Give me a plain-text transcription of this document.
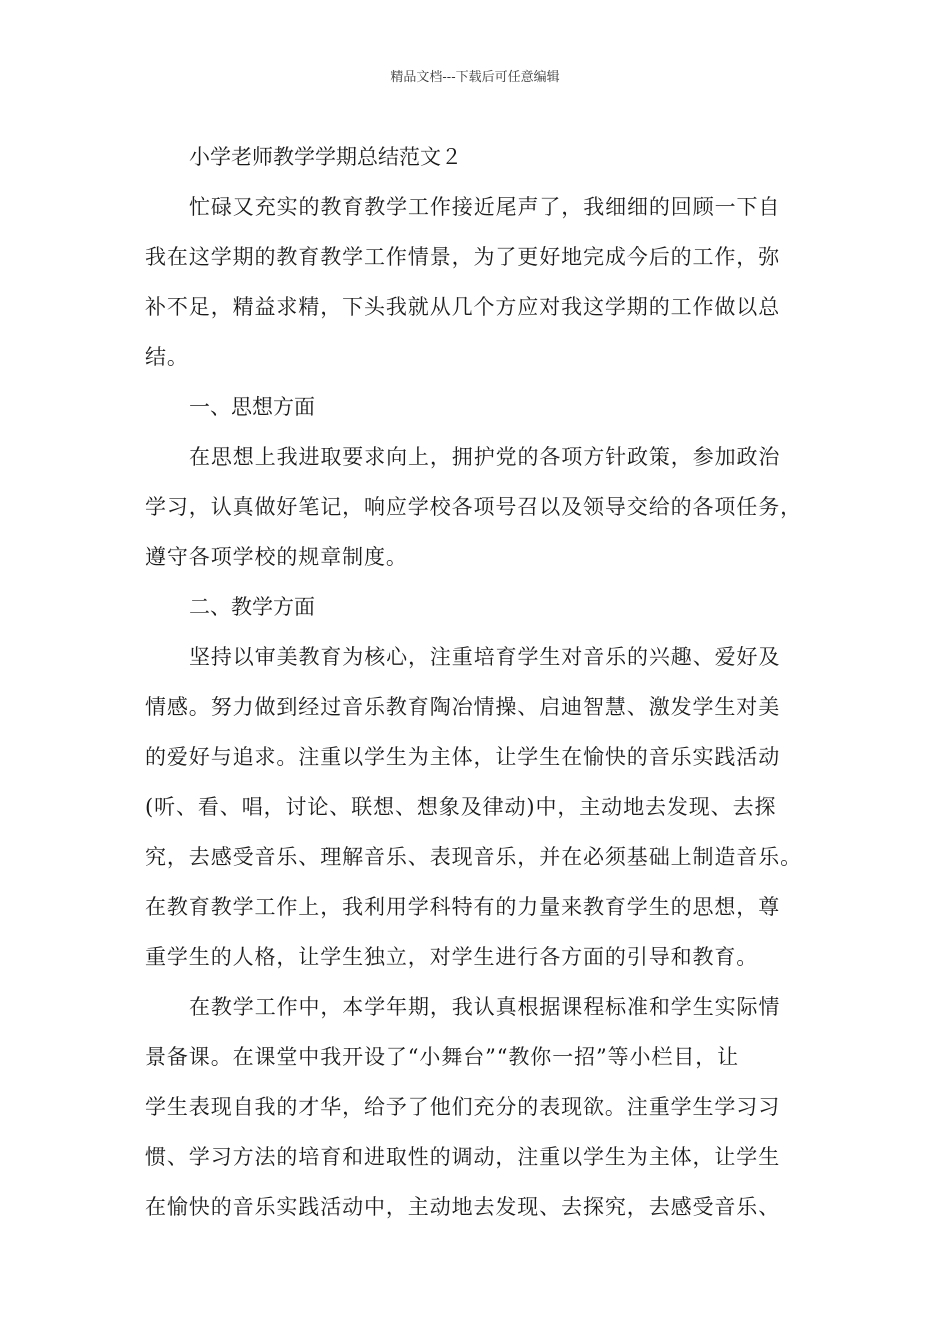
精品文档---下载后可任意编辑

小学老师教学学期总结范文２

忙碌又充实的教育教学工作接近尾声了，我细细的回顾一下自
我在这学期的教育教学工作情景，为了更好地完成今后的工作，弥
补不足，精益求精，下头我就从几个方应对我这学期的工作做以总
结。

一、思想方面

在思想上我进取要求向上，拥护党的各项方针政策，参加政治
学习，认真做好笔记，响应学校各项号召以及领导交给的各项任务，
遵守各项学校的规章制度。

二、教学方面

坚持以审美教育为核心，注重培育学生对音乐的兴趣、爱好及
情感。努力做到经过音乐教育陶冶情操、启迪智慧、激发学生对美
的爱好与追求。注重以学生为主体，让学生在愉快的音乐实践活动
(听、看、唱，讨论、联想、想象及律动)中，主动地去发现、去探
究，去感受音乐、理解音乐、表现音乐，并在必须基础上制造音乐。
在教育教学工作上，我利用学科特有的力量来教育学生的思想，尊
重学生的人格，让学生独立，对学生进行各方面的引导和教育。

在教学工作中，本学年期，我认真根据课程标准和学生实际情
景备课。在课堂中我开设了“小舞台”“教你一招”等小栏目，让
学生表现自我的才华，给予了他们充分的表现欲。注重学生学习习
惯、学习方法的培育和进取性的调动，注重以学生为主体，让学生
在愉快的音乐实践活动中，主动地去发现、去探究，去感受音乐、
